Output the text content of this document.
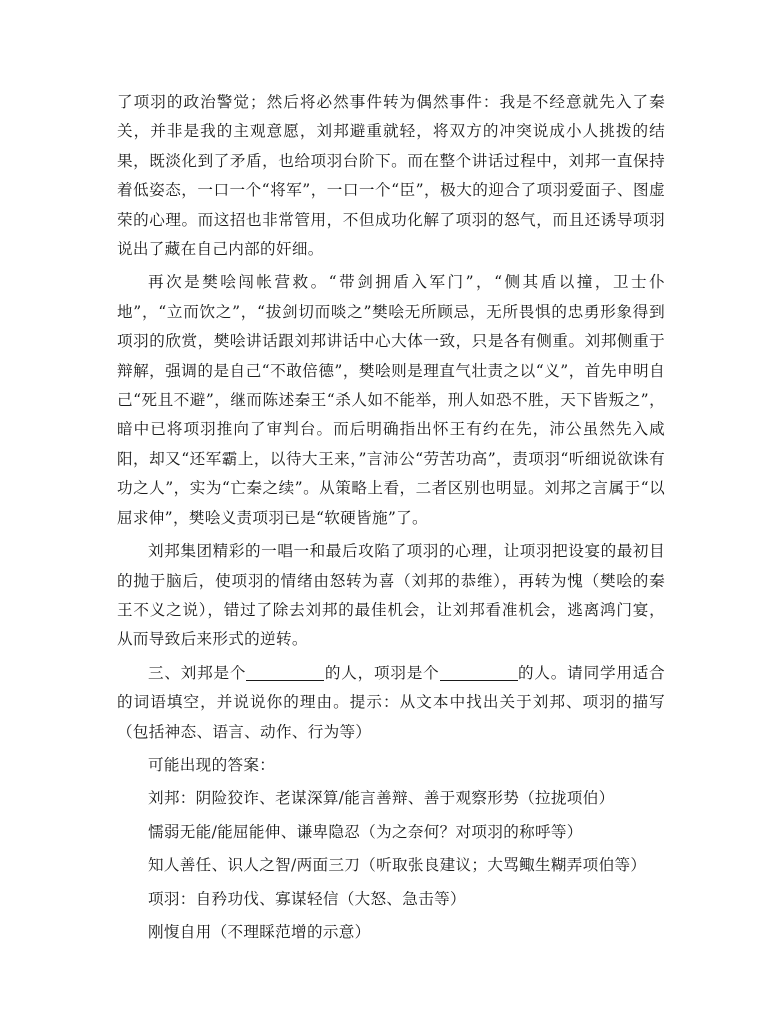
了项羽的政治警觉；然后将必然事件转为偶然事件：我是不经意就先入了秦关，并非是我的主观意愿，刘邦避重就轻，将双方的冲突说成小人挑拨的结果，既淡化到了矛盾，也给项羽台阶下。而在整个讲话过程中，刘邦一直保持着低姿态，一口一个“将军”，一口一个“臣”，极大的迎合了项羽爱面子、图虚荣的心理。而这招也非常管用，不但成功化解了项羽的怒气，而且还诱导项羽说出了藏在自己内部的奸细。

再次是樊哙闯帐营救。“带剑拥盾入军门”，“侧其盾以撞，卫士仆地”，“立而饮之”，“拔剑切而啖之”樊哙无所顾忌，无所畏惧的忠勇形象得到项羽的欣赏，樊哙讲话跟刘邦讲话中心大体一致，只是各有侧重。刘邦侧重于辩解，强调的是自己“不敢倍德”，樊哙则是理直气壮责之以“义”，首先申明自己“死且不避”，继而陈述秦王“杀人如不能举，刑人如恐不胜，天下皆叛之”，暗中已将项羽推向了审判台。而后明确指出怀王有约在先，沛公虽然先入咸阳，却又“还军霸上，以待大王来，”言沛公“劳苦功高”，责项羽“听细说欲诛有功之人”，实为“亡秦之续”。从策略上看，二者区别也明显。刘邦之言属于“以屈求伸”，樊哙义责项羽已是“软硬皆施”了。

刘邦集团精彩的一唱一和最后攻陷了项羽的心理，让项羽把设宴的最初目的抛于脑后，使项羽的情绪由怒转为喜（刘邦的恭维），再转为愧（樊哙的秦王不义之说），错过了除去刘邦的最佳机会，让刘邦看准机会，逃离鸿门宴，从而导致后来形式的逆转。

三、刘邦是个	的人，项羽是个	的人。请同学用适合的词语填空，并说说你的理由。提示：从文本中找出关于刘邦、项羽的描写（包括神态、语言、动作、行为等）

可能出现的答案：

刘邦：阴险狡诈、老谋深算/能言善辩、善于观察形势（拉拢项伯）

懦弱无能/能屈能伸、谦卑隐忍（为之奈何？对项羽的称呼等）

知人善任、识人之智/两面三刀（听取张良建议；大骂鲰生糊弄项伯等）

项羽：自矜功伐、寡谋轻信（大怒、急击等）

刚愎自用（不理睬范增的示意）
